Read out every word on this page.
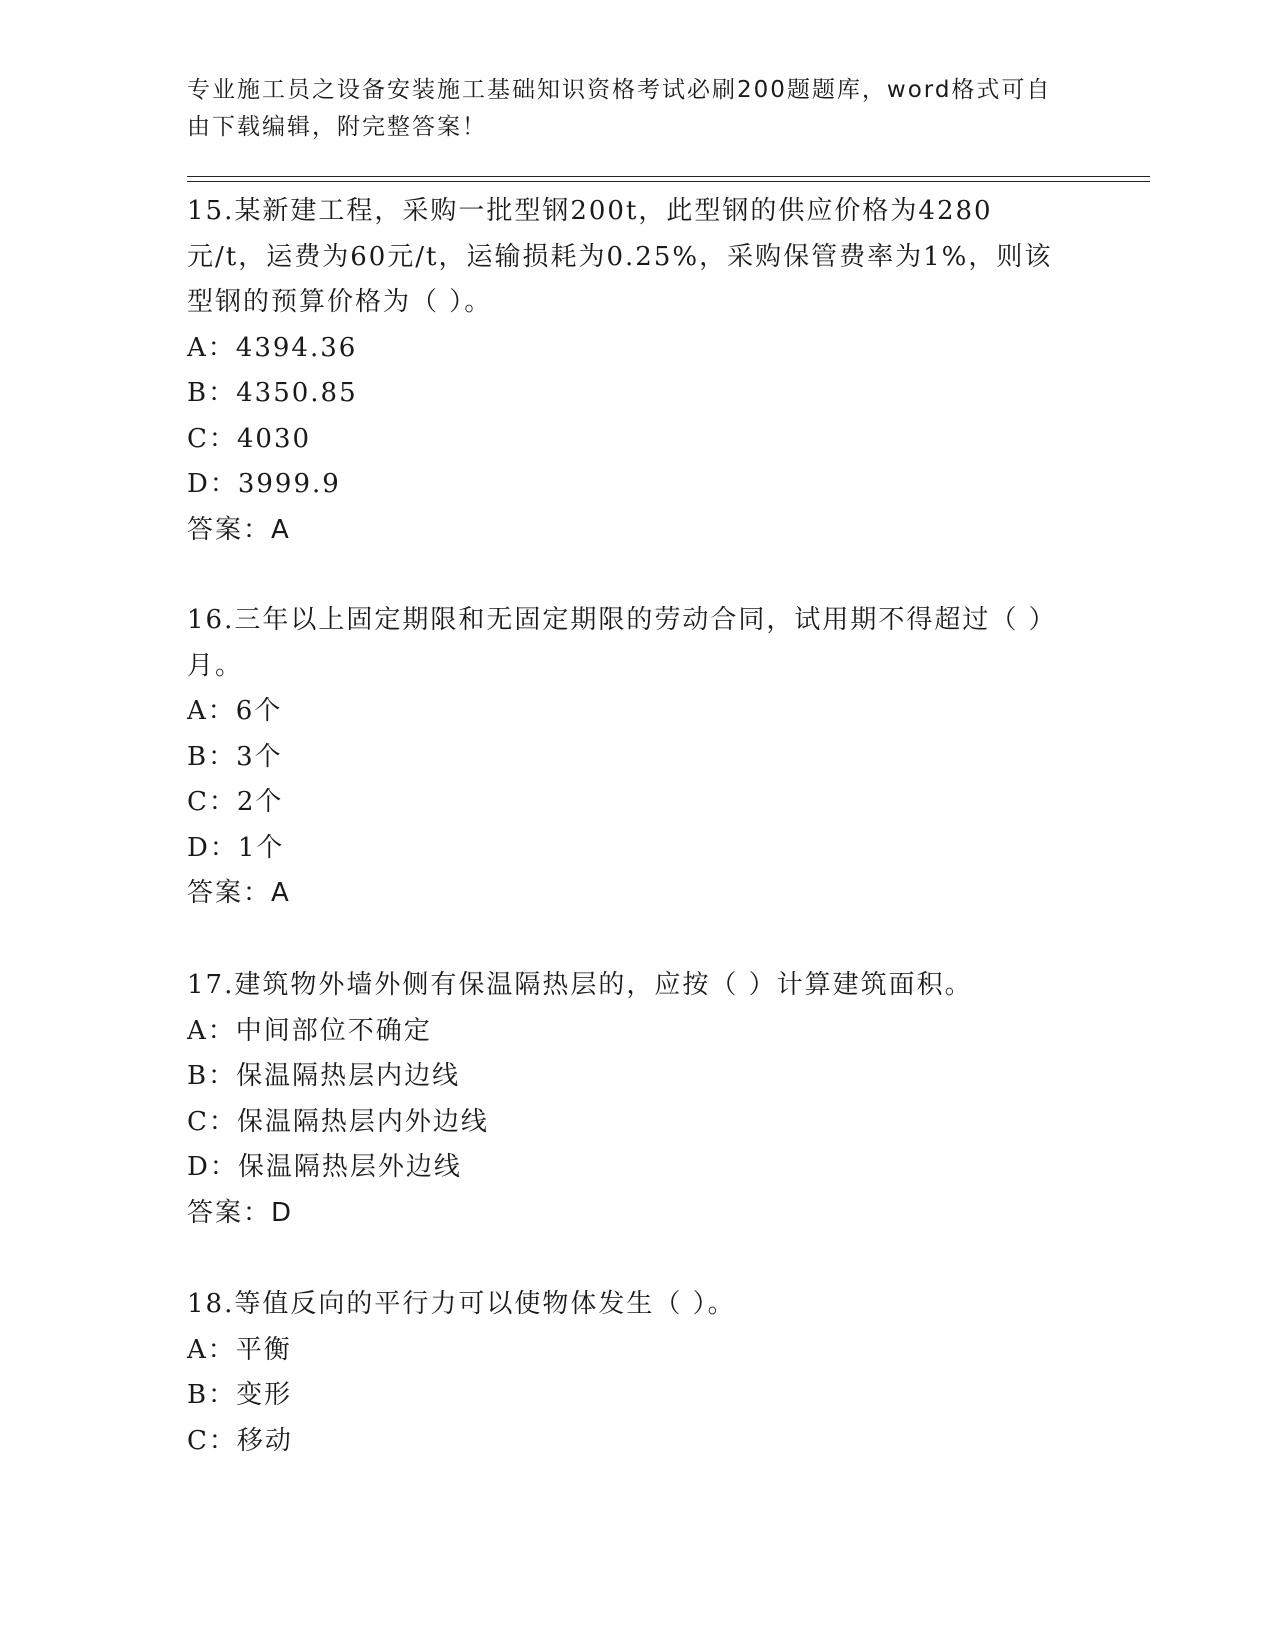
专业施工员之设备安装施工基础知识资格考试必刷200题题库，word格式可自由下载编辑，附完整答案！

15.某新建工程，采购一批型钢200t，此型钢的供应价格为4280元/t，运费为60元/t，运输损耗为0.25%，采购保管费率为1%，则该型钢的预算价格为（ ）。

A：4394.36

B：4350.85

C：4030

D：3999.9

答案：A

16.三年以上固定期限和无固定期限的劳动合同，试用期不得超过（ ）月。

A：6个

B：3个

C：2个

D：1个

答案：A

17.建筑物外墙外侧有保温隔热层的，应按（ ）计算建筑面积。

A：中间部位不确定

B：保温隔热层内边线

C：保温隔热层内外边线

D：保温隔热层外边线

答案：D

18.等值反向的平行力可以使物体发生（ ）。

A：平衡

B：变形

C：移动
